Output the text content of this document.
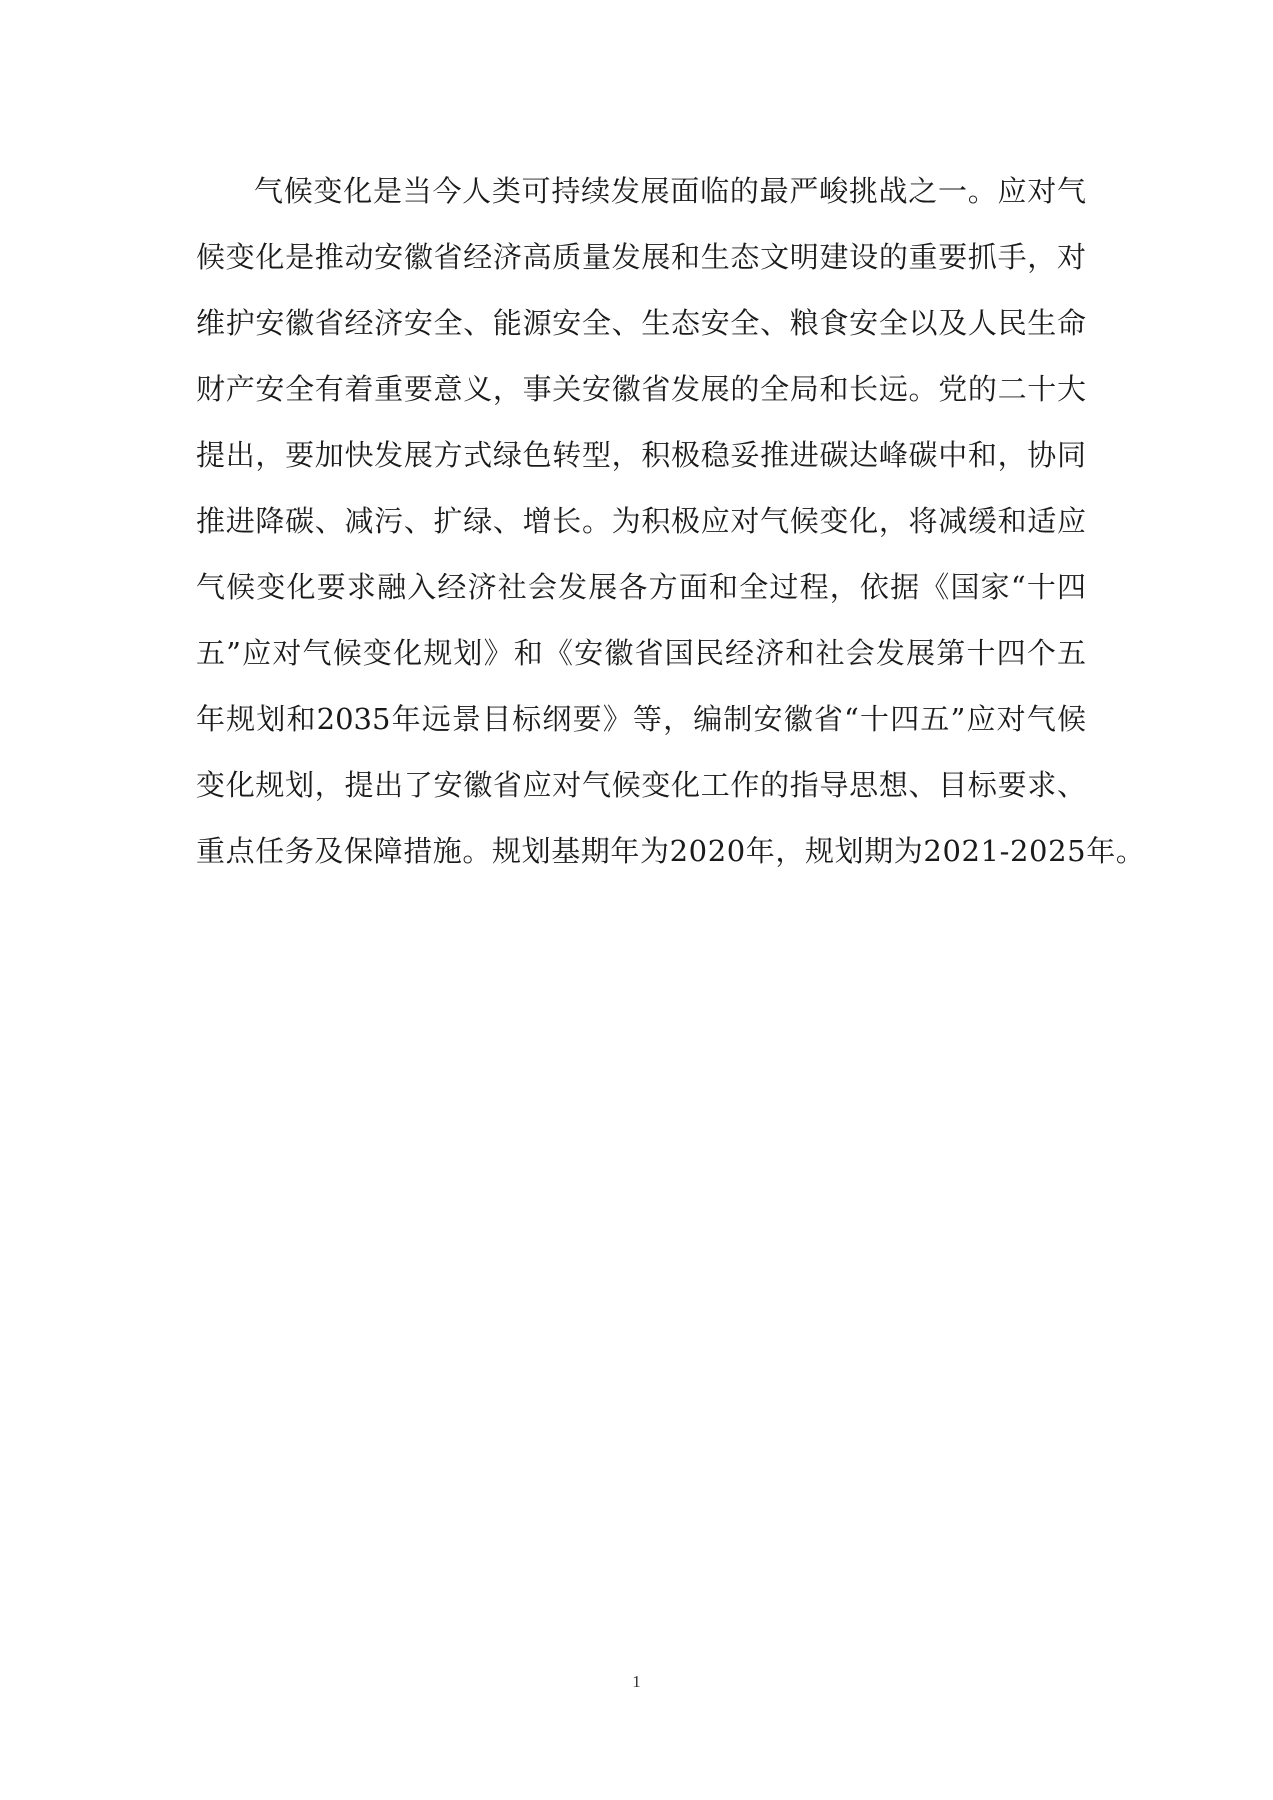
气候变化是当今人类可持续发展面临的最严峻挑战之一。应对气
候变化是推动安徽省经济高质量发展和生态文明建设的重要抓手，对
维护安徽省经济安全、能源安全、生态安全、粮食安全以及人民生命
财产安全有着重要意义，事关安徽省发展的全局和长远。党的二十大
提出，要加快发展方式绿色转型，积极稳妥推进碳达峰碳中和，协同
推进降碳、减污、扩绿、增长。为积极应对气候变化，将减缓和适应
气候变化要求融入经济社会发展各方面和全过程，依据《国家“十四
五”应对气候变化规划》和《安徽省国民经济和社会发展第十四个五
年规划和2035年远景目标纲要》等，编制安徽省“十四五”应对气候
变化规划，提出了安徽省应对气候变化工作的指导思想、目标要求、
重点任务及保障措施。规划基期年为2020年，规划期为2021-2025年。
1
